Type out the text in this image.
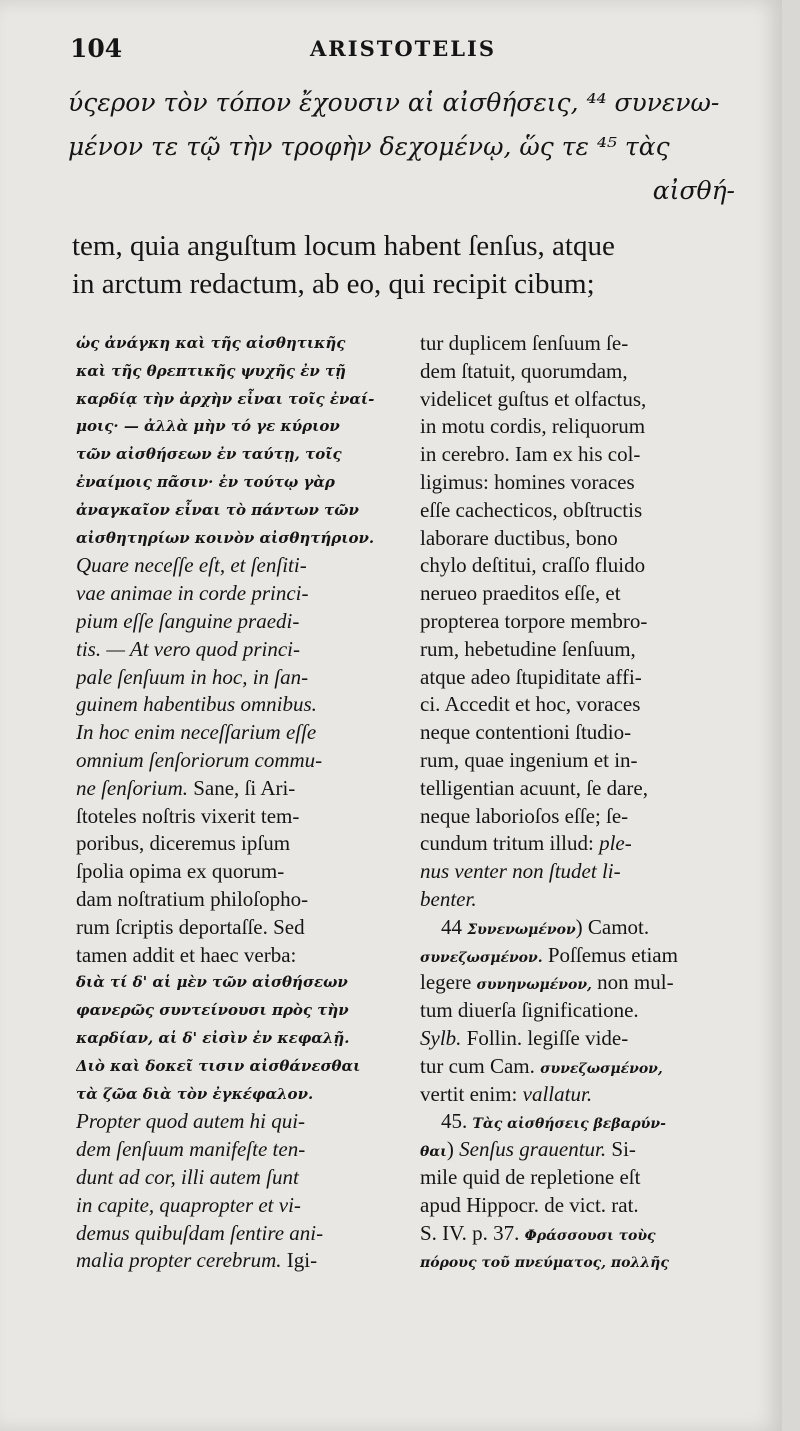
104	ARISTOTELIS
ύςερον τὸν τόπον ἔχουσιν αἱ αἰσθήσεις, ⁴⁴ συνενω-
μένον τε τῷ τὴν τροφὴν δεχομένῳ, ὥς τε ⁴⁵ τὰς
αἰσθή-
tem, quia anguſtum locum habent ſenſus, atque
in arctum redactum, ab eo, qui recipit cibum;
ὡς ἀνάγκη καὶ τῆς αἰσθητικῆς
καὶ τῆς θρεπτικῆς ψυχῆς ἐν τῇ
καρδίᾳ τὴν ἀρχὴν εἶναι τοῖς ἐναί-
μοις· — ἀλλὰ μὴν τό γε κύριον
τῶν αἰσθήσεων ἐν ταύτῃ, τοῖς
ἐναίμοις πᾶσιν· ἐν τούτῳ γὰρ
ἀναγκαῖον εἶναι τὸ πάντων τῶν
αἰσθητηρίων κοινὸν αἰσθητήριον.
Quare neceſſe eſt, et ſenſiti-
vae animae in corde princi-
pium eſſe ſanguine praedi-
tis. — At vero quod princi-
pale ſenſuum in hoc, in ſan-
guinem habentibus omnibus.
In hoc enim neceſſarium eſſe
omnium ſenſoriorum commu-
ne ſenſorium. Sane, ſi Ari-
ſtoteles noſtris vixerit tem-
poribus, diceremus ipſum
ſpolia opima ex quorum-
dam noſtratium philoſopho-
rum ſcriptis deportaſſe. Sed
tamen addit et haec verba:
διὰ τί δ' αἱ μὲν τῶν αἰσθήσεων
φανερῶς συντείνουσι πρὸς τὴν
καρδίαν, αἱ δ' εἰσὶν ἐν κεφαλῇ.
Διὸ καὶ δοκεῖ τισιν αἰσθάνεσθαι
τὰ ζῶα διὰ τὸν ἐγκέφαλον.
Propter quod autem hi qui-
dem ſenſuum manifeſte ten-
dunt ad cor, illi autem ſunt
in capite, quapropter et vi-
demus quibuſdam ſentire ani-
malia propter cerebrum. Igi-
tur duplicem ſenſuum ſe-
dem ſtatuit, quorumdam,
videlicet guſtus et olfactus,
in motu cordis, reliquorum
in cerebro. Iam ex his col-
ligimus: homines voraces
eſſe cachecticos, obſtructis
laborare ductibus, bono
chylo deſtitui, craſſo fluido
nerueo praeditos eſſe, et
propterea torpore membro-
rum, hebetudine ſenſuum,
atque adeo ſtupiditate affi-
ci. Accedit et hoc, voraces
neque contentioni ſtudio-
rum, quae ingenium et in-
telligentian acuunt, ſe dare,
neque laborioſos eſſe; ſe-
cundum tritum illud: ple-
nus venter non ſtudet li-
benter.
44 Συνενωμένον) Camot.
συνεζωσμένον. Poſſemus etiam
legere συνηνωμένον, non mul-
tum diuerſa ſignificatione.
Sylb. Follin. legiſſe vide-
tur cum Cam. συνεζωσμένον,
vertit enim: vallatur.
45. Τὰς αἰσθήσεις βεβαρύν-
θαι) Senſus grauentur. Si-
mile quid de repletione eſt
apud Hippocr. de vict. rat.
S. IV. p. 37. Φράσσουσι τοὺς
πόρους τοῦ πνεύματος, πολλῆς
